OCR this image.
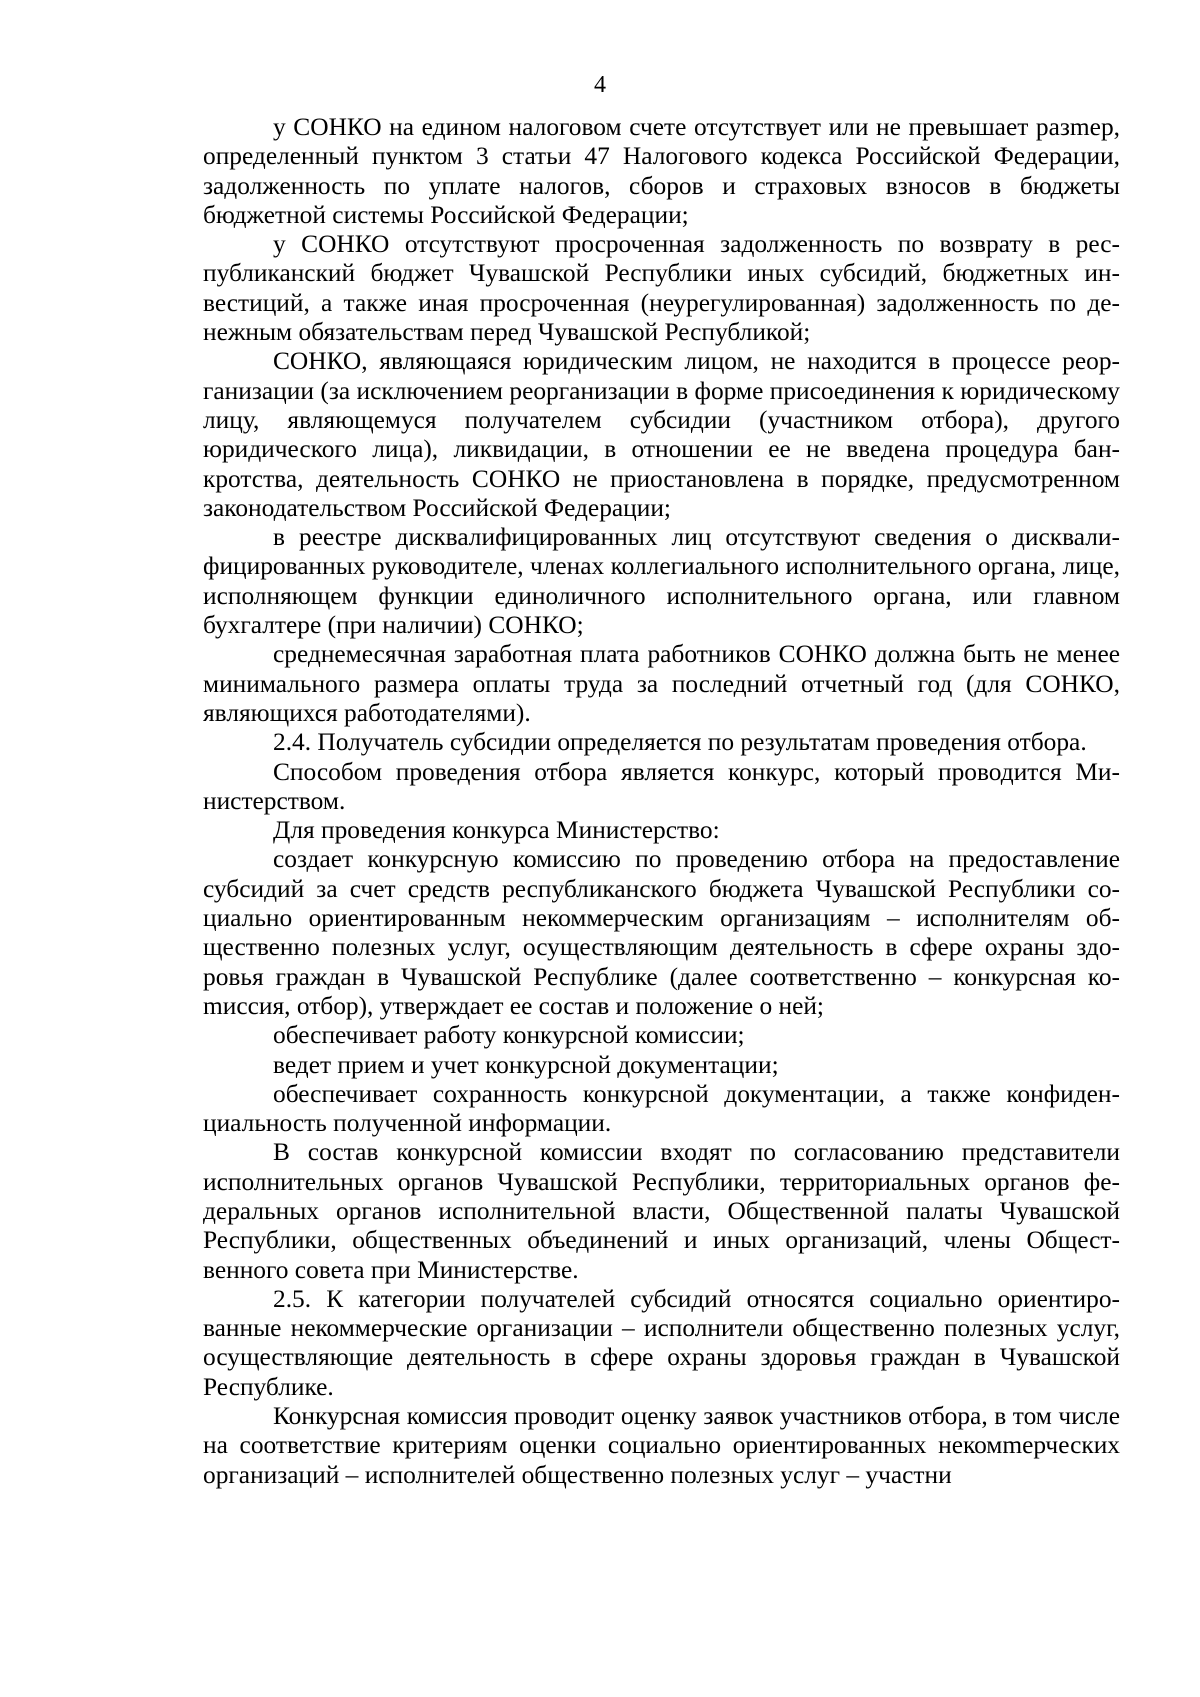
4

у СОНКО на едином налоговом счете отсутствует или не превышает разmер, определенный пунктом 3 статьи 47 Налогового кодекса Российской Федерации, задолженность по уплате налогов, сборов и страховых взносов в бюджеты бюджетной системы Российской Федерации;

у СОНКО отсутствуют просроченная задолженность по возврату в республиканский бюджет Чувашской Республики иных субсидий, бюджетных инвестиций, а также иная просроченная (неурегулированная) задолженность по денежным обязательствам перед Чувашской Республикой;

СОНКО, являющаяся юридическим лицом, не находится в процессе реорганизации (за исключением реорганизации в форме присоединения к юридическому лицу, являющемуся получателем субсидии (участником отбора), другого юридического лица), ликвидации, в отношении ее не введена процедура банкротства, деятельность СОНКО не приостановлена в порядке, предусмотренном законодательством Российской Федерации;

в реестре дисквалифицированных лиц отсутствуют сведения о дисквалифицированных руководителе, членах коллегиального исполнительного органа, лице, исполняющем функции единоличного исполнительного органа, или главном бухгалтере (при наличии) СОНКО;

среднемесячная заработная плата работников СОНКО должна быть не менее минимального размера оплаты труда за последний отчетный год (для СОНКО, являющихся работодателями).

2.4. Получатель субсидии определяется по результатам проведения отбора.

Способом проведения отбора является конкурс, который проводится Министерством.

Для проведения конкурса Министерство:

создает конкурсную комиссию по проведению отбора на предоставление субсидий за счет средств республиканского бюджета Чувашской Республики социально ориентированным некоммерческим организациям – исполнителям общественно полезных услуг, осуществляющим деятельность в сфере охраны здоровья граждан в Чувашской Республике (далее соответственно – конкурсная коmиссия, отбор), утверждает ее состав и положение о ней;

обеспечивает работу конкурсной комиссии;

ведет прием и учет конкурсной документации;

обеспечивает сохранность конкурсной документации, а также конфиденциальность полученной информации.

В состав конкурсной комиссии входят по согласованию представители исполнительных органов Чувашской Республики, территориальных органов федеральных органов исполнительной власти, Общественной палаты Чувашской Республики, общественных объединений и иных организаций, члены Общественного совета при Министерстве.

2.5. К категории получателей субсидий относятся социально ориентированные некоммерческие организации – исполнители общественно полезных услуг, осуществляющие деятельность в сфере охраны здоровья граждан в Чувашской Республике.

Конкурсная комиссия проводит оценку заявок участников отбора, в том числе на соответствие критериям оценки социально ориентированных некомmерческих организаций – исполнителей общественно полезных услуг – участни
